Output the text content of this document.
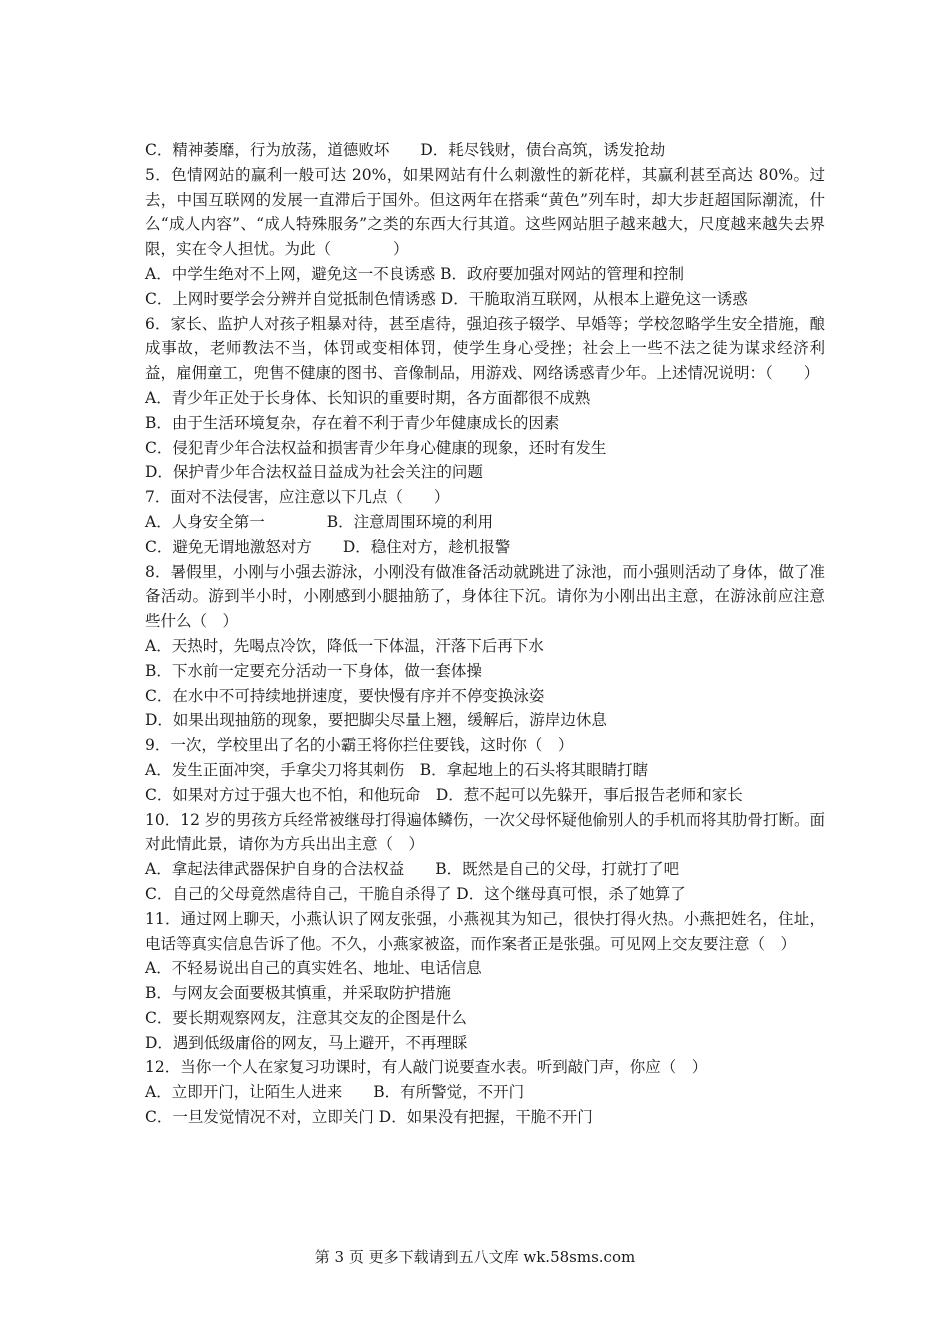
C．精神萎靡，行为放荡，道德败坏　　D．耗尽钱财，债台高筑，诱发抢劫
5．色情网站的赢利一般可达 20%，如果网站有什么刺激性的新花样，其赢利甚至高达 80%。过去，中国互联网的发展一直滞后于国外。但这两年在搭乘“黄色”列车时，却大步赶超国际潮流，什么“成人内容”、“成人特殊服务”之类的东西大行其道。这些网站胆子越来越大，尺度越来越失去界限，实在令人担忧。为此（　　　　）
A．中学生绝对不上网，避免这一不良诱惑 B．政府要加强对网站的管理和控制
C．上网时要学会分辨并自觉抵制色情诱惑 D．干脆取消互联网，从根本上避免这一诱惑
6．家长、监护人对孩子粗暴对待，甚至虐待，强迫孩子辍学、早婚等；学校忽略学生安全措施，酿成事故，老师教法不当，体罚或变相体罚，使学生身心受挫；社会上一些不法之徒为谋求经济利益，雇佣童工，兜售不健康的图书、音像制品，用游戏、网络诱惑青少年。上述情况说明：（　　）
A．青少年正处于长身体、长知识的重要时期，各方面都很不成熟
B．由于生活环境复杂，存在着不利于青少年健康成长的因素
C．侵犯青少年合法权益和损害青少年身心健康的现象，还时有发生
D．保护青少年合法权益日益成为社会关注的问题
7．面对不法侵害，应注意以下几点（　　）
A．人身安全第一　　　　B．注意周围环境的利用
C．避免无谓地激怒对方　　D．稳住对方，趁机报警
8．暑假里，小刚与小强去游泳，小刚没有做准备活动就跳进了泳池，而小强则活动了身体，做了准备活动。游到半小时，小刚感到小腿抽筋了，身体往下沉。请你为小刚出出主意，在游泳前应注意些什么（　）
A．天热时，先喝点冷饮，降低一下体温，汗落下后再下水
B．下水前一定要充分活动一下身体，做一套体操
C．在水中不可持续地拼速度，要快慢有序并不停变换泳姿
D．如果出现抽筋的现象，要把脚尖尽量上翘，缓解后，游岸边休息
9．一次，学校里出了名的小霸王将你拦住要钱，这时你（　）
A．发生正面冲突，手拿尖刀将其刺伤　B．拿起地上的石头将其眼睛打瞎
C．如果对方过于强大也不怕，和他玩命　D．惹不起可以先躲开，事后报告老师和家长
10．12 岁的男孩方兵经常被继母打得遍体鳞伤，一次父母怀疑他偷别人的手机而将其肋骨打断。面对此情此景，请你为方兵出出主意（　）
A．拿起法律武器保护自身的合法权益　　B．既然是自己的父母，打就打了吧
C．自己的父母竟然虐待自己，干脆自杀得了 D．这个继母真可恨，杀了她算了
11．通过网上聊天，小燕认识了网友张强，小燕视其为知己，很快打得火热。小燕把姓名，住址，电话等真实信息告诉了他。不久，小燕家被盗，而作案者正是张强。可见网上交友要注意（　）
A．不轻易说出自己的真实姓名、地址、电话信息
B．与网友会面要极其慎重，并采取防护措施
C．要长期观察网友，注意其交友的企图是什么
D．遇到低级庸俗的网友，马上避开，不再理睬
12．当你一个人在家复习功课时，有人敲门说要查水表。听到敲门声，你应（　）
A．立即开门，让陌生人进来　　B．有所警觉，不开门
C．一旦发觉情况不对，立即关门 D．如果没有把握，干脆不开门
第 3 页 更多下载请到五八文库 wk.58sms.com
